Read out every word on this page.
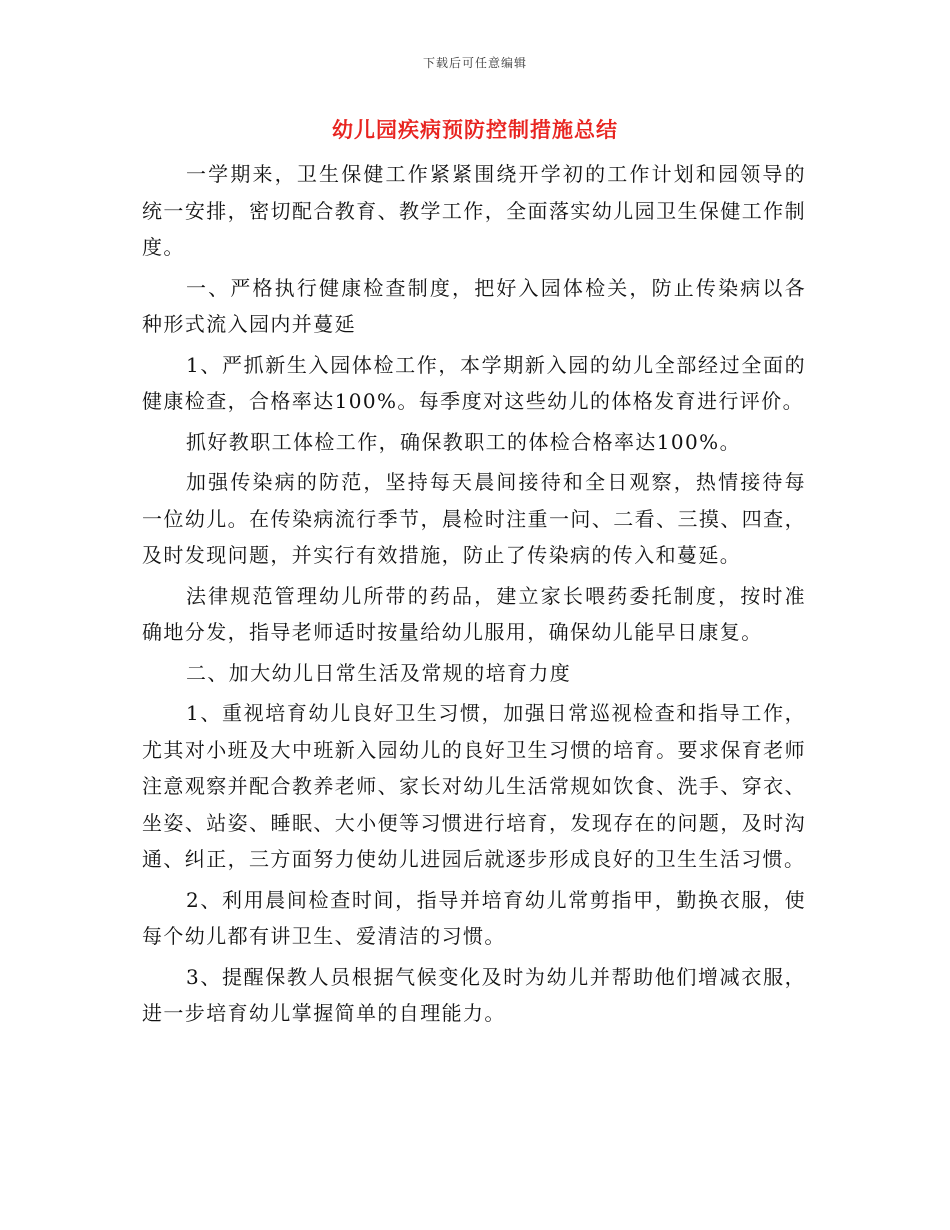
下载后可任意编辑
幼儿园疾病预防控制措施总结

一学期来，卫生保健工作紧紧围绕开学初的工作计划和园领导的统一安排，密切配合教育、教学工作，全面落实幼儿园卫生保健工作制度。

一、严格执行健康检查制度，把好入园体检关，防止传染病以各种形式流入园内并蔓延

1、严抓新生入园体检工作，本学期新入园的幼儿全部经过全面的健康检查，合格率达100%。每季度对这些幼儿的体格发育进行评价。

抓好教职工体检工作，确保教职工的体检合格率达100%。

加强传染病的防范，坚持每天晨间接待和全日观察，热情接待每一位幼儿。在传染病流行季节，晨检时注重一问、二看、三摸、四查，及时发现问题，并实行有效措施，防止了传染病的传入和蔓延。

法律规范管理幼儿所带的药品，建立家长喂药委托制度，按时准确地分发，指导老师适时按量给幼儿服用，确保幼儿能早日康复。

二、加大幼儿日常生活及常规的培育力度

1、重视培育幼儿良好卫生习惯，加强日常巡视检查和指导工作，尤其对小班及大中班新入园幼儿的良好卫生习惯的培育。要求保育老师注意观察并配合教养老师、家长对幼儿生活常规如饮食、洗手、穿衣、坐姿、站姿、睡眠、大小便等习惯进行培育，发现存在的问题，及时沟通、纠正，三方面努力使幼儿进园后就逐步形成良好的卫生生活习惯。

2、利用晨间检查时间，指导并培育幼儿常剪指甲，勤换衣服，使每个幼儿都有讲卫生、爱清洁的习惯。

3、提醒保教人员根据气候变化及时为幼儿并帮助他们增减衣服，进一步培育幼儿掌握简单的自理能力。
